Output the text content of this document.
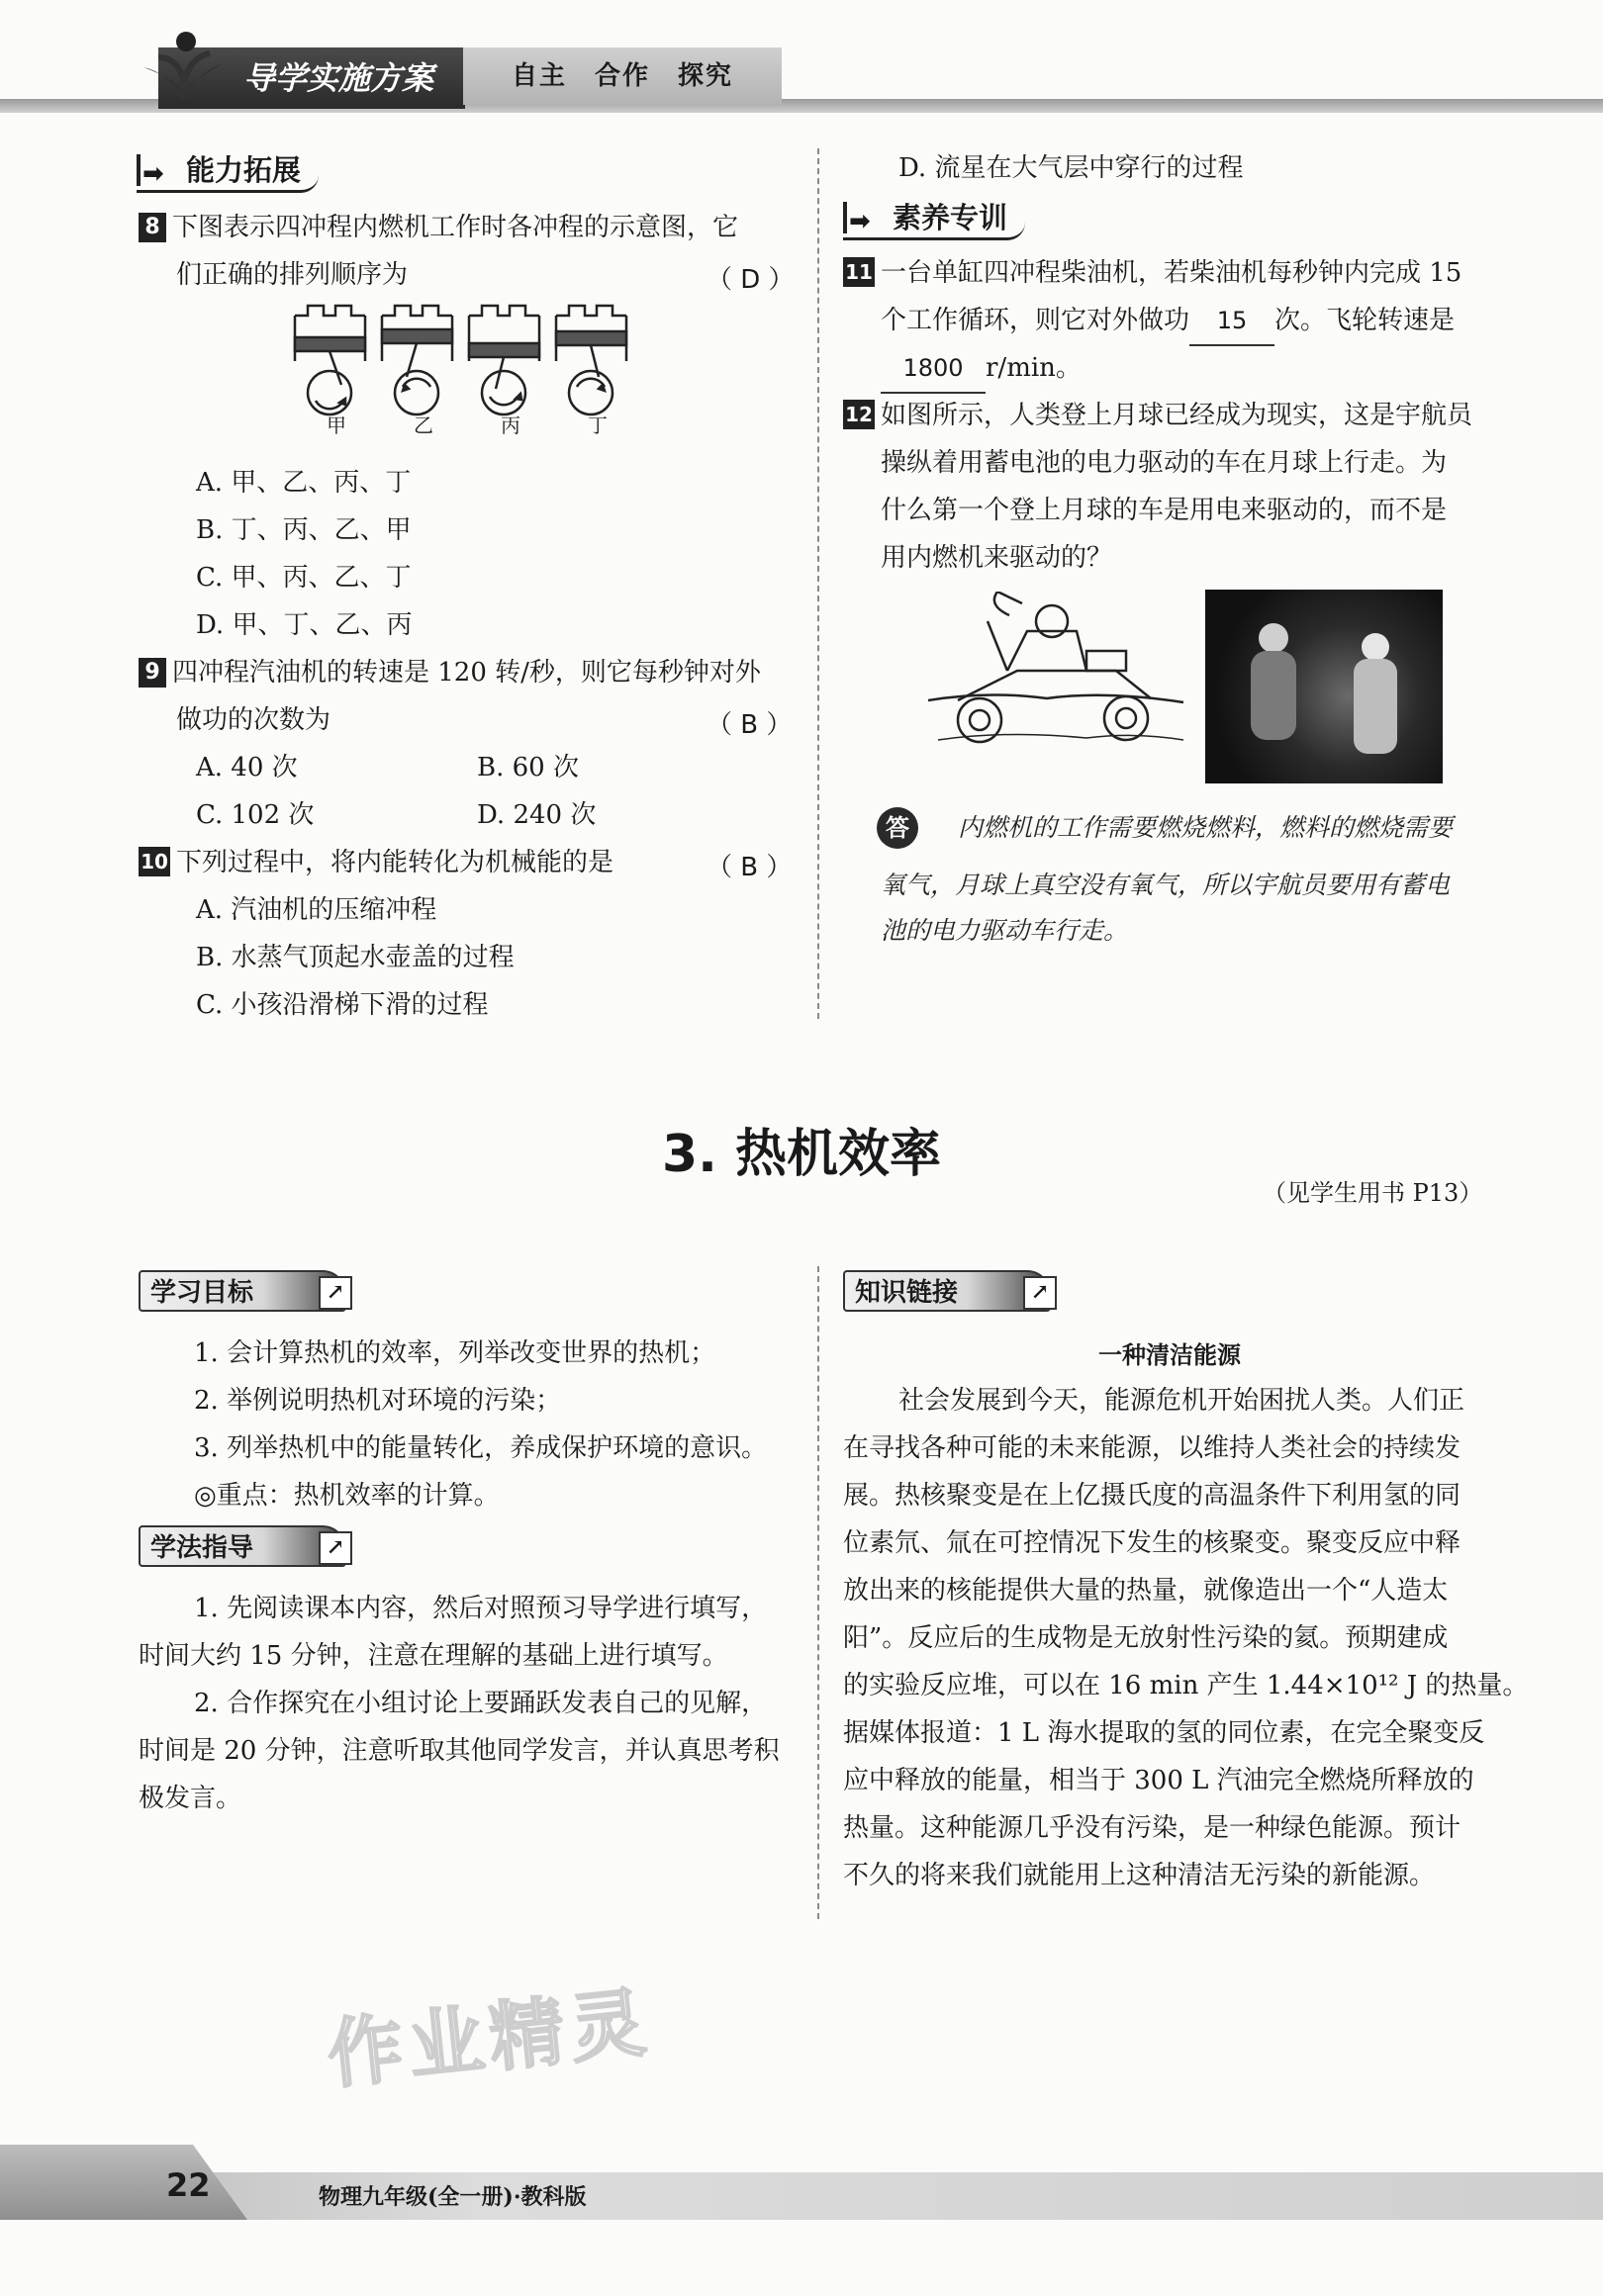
导学实施方案	自主　合作　探究
➡ 能力拓展
8 下图表示四冲程内燃机工作时各冲程的示意图，它
们正确的排列顺序为	（ D ）
甲	乙	丙	丁
A. 甲、乙、丙、丁
B. 丁、丙、乙、甲
C. 甲、丙、乙、丁
D. 甲、丁、乙、丙
9 四冲程汽油机的转速是 120 转/秒，则它每秒钟对外
做功的次数为	（ B ）
A. 40 次	B. 60 次
C. 102 次	D. 240 次
10 下列过程中，将内能转化为机械能的是	（ B ）
A. 汽油机的压缩冲程
B. 水蒸气顶起水壶盖的过程
C. 小孩沿滑梯下滑的过程
D. 流星在大气层中穿行的过程
➡ 素养专训
11 一台单缸四冲程柴油机，若柴油机每秒钟内完成 15
个工作循环，则它对外做功 15 次。飞轮转速是
1800 r/min。
12 如图所示，人类登上月球已经成为现实，这是宇航员
操纵着用蓄电池的电力驱动的车在月球上行走。为
什么第一个登上月球的车是用电来驱动的，而不是
用内燃机来驱动的？
答	内燃机的工作需要燃烧燃料，燃料的燃烧需要
氧气，月球上真空没有氧气，所以宇航员要用有蓄电
池的电力驱动车行走。
3. 热机效率
（见学生用书 P13）
学习目标	↗
1. 会计算热机的效率，列举改变世界的热机；
2. 举例说明热机对环境的污染；
3. 列举热机中的能量转化，养成保护环境的意识。
◎重点：热机效率的计算。
学法指导	↗
1. 先阅读课本内容，然后对照预习导学进行填写，
时间大约 15 分钟，注意在理解的基础上进行填写。
2. 合作探究在小组讨论上要踊跃发表自己的见解，
时间是 20 分钟，注意听取其他同学发言，并认真思考积
极发言。
知识链接	↗
一种清洁能源
社会发展到今天，能源危机开始困扰人类。人们正
在寻找各种可能的未来能源，以维持人类社会的持续发
展。热核聚变是在上亿摄氏度的高温条件下利用氢的同
位素氘、氚在可控情况下发生的核聚变。聚变反应中释
放出来的核能提供大量的热量，就像造出一个“人造太
阳”。反应后的生成物是无放射性污染的氦。预期建成
的实验反应堆，可以在 16 min 产生 1.44×10¹² J 的热量。
据媒体报道：1 L 海水提取的氢的同位素，在完全聚变反
应中释放的能量，相当于 300 L 汽油完全燃烧所释放的
热量。这种能源几乎没有污染，是一种绿色能源。预计
不久的将来我们就能用上这种清洁无污染的新能源。
作业精灵
22	物理九年级(全一册)·教科版
